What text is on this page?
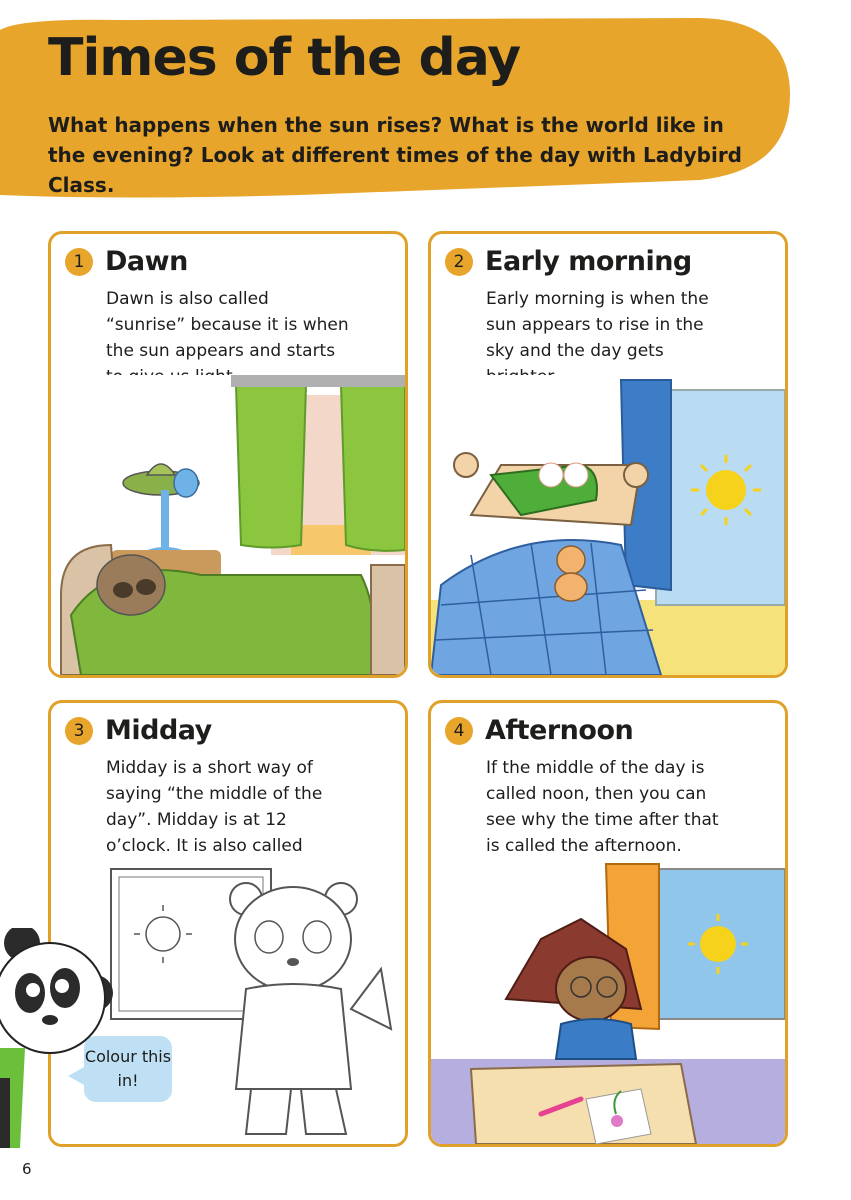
Times of the day

What happens when the sun rises? What is the world like in the evening? Look at different times of the day with Ladybird Class.

1 Dawn

Dawn is also called “sunrise” because it is when the sun appears and starts

2 Early morning

Early morning is when the sun appears to rise in the sky and the day gets

3 Midday

Midday is a short way of saying “the middle of the day”. Midday is at 12 o’clock. It is also called

4 Afternoon

If the middle of the day is called noon, then you can see why the time after that is called the afternoon.

Colour this in!
6
